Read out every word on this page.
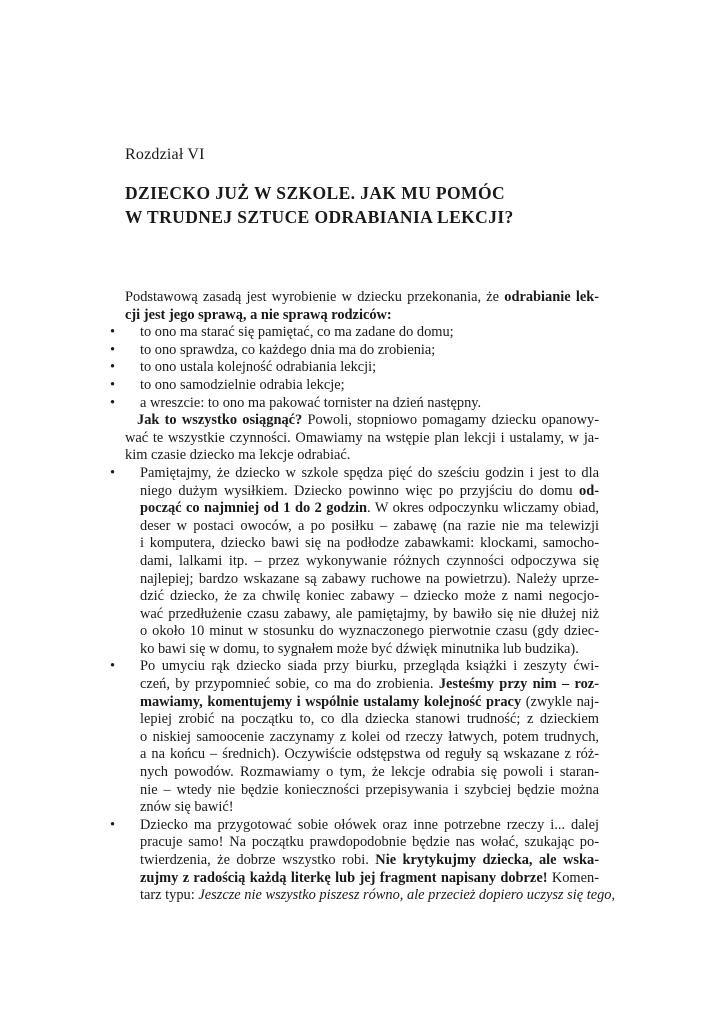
Rozdział VI
DZIECKO JUŻ W SZKOLE. JAK MU POMÓC
W TRUDNEJ SZTUCE ODRABIANIA LEKCJI?
Podstawową zasadą jest wyrobienie w dziecku przekonania, że odrabianie lek-
cji jest jego sprawą, a nie sprawą rodziców:
• to ono ma starać się pamiętać, co ma zadane do domu;
• to ono sprawdza, co każdego dnia ma do zrobienia;
• to ono ustala kolejność odrabiania lekcji;
• to ono samodzielnie odrabia lekcje;
• a wreszcie: to ono ma pakować tornister na dzień następny.
Jak to wszystko osiągnąć? Powoli, stopniowo pomagamy dziecku opanowy-
wać te wszystkie czynności. Omawiamy na wstępie plan lekcji i ustalamy, w ja-
kim czasie dziecko ma lekcje odrabiać.
• Pamiętajmy, że dziecko w szkole spędza pięć do sześciu godzin i jest to dla
niego dużym wysiłkiem. Dziecko powinno więc po przyjściu do domu od-
począć co najmniej od 1 do 2 godzin. W okres odpoczynku wliczamy obiad,
deser w postaci owoców, a po posiłku – zabawę (na razie nie ma telewizji
i komputera, dziecko bawi się na podłodze zabawkami: klockami, samocho-
dami, lalkami itp. – przez wykonywanie różnych czynności odpoczywa się
najlepiej; bardzo wskazane są zabawy ruchowe na powietrzu). Należy uprze-
dzić dziecko, że za chwilę koniec zabawy – dziecko może z nami negocjo-
wać przedłużenie czasu zabawy, ale pamiętajmy, by bawiło się nie dłużej niż
o około 10 minut w stosunku do wyznaczonego pierwotnie czasu (gdy dziec-
ko bawi się w domu, to sygnałem może być dźwięk minutnika lub budzika).
• Po umyciu rąk dziecko siada przy biurku, przegląda książki i zeszyty ćwi-
czeń, by przypomnieć sobie, co ma do zrobienia. Jesteśmy przy nim – roz-
mawiamy, komentujemy i wspólnie ustalamy kolejność pracy (zwykle naj-
lepiej zrobić na początku to, co dla dziecka stanowi trudność; z dzieckiem
o niskiej samoocenie zaczynamy z kolei od rzeczy łatwych, potem trudnych,
a na końcu – średnich). Oczywiście odstępstwa od reguły są wskazane z róż-
nych powodów. Rozmawiamy o tym, że lekcje odrabia się powoli i staran-
nie – wtedy nie będzie konieczności przepisywania i szybciej będzie można
znów się bawić!
• Dziecko ma przygotować sobie ołówek oraz inne potrzebne rzeczy i... dalej
pracuje samo! Na początku prawdopodobnie będzie nas wołać, szukając po-
twierdzenia, że dobrze wszystko robi. Nie krytykujmy dziecka, ale wska-
zujmy z radością każdą literkę lub jej fragment napisany dobrze! Komen-
tarz typu: Jeszcze nie wszystko piszesz równo, ale przecież dopiero uczysz się tego,
